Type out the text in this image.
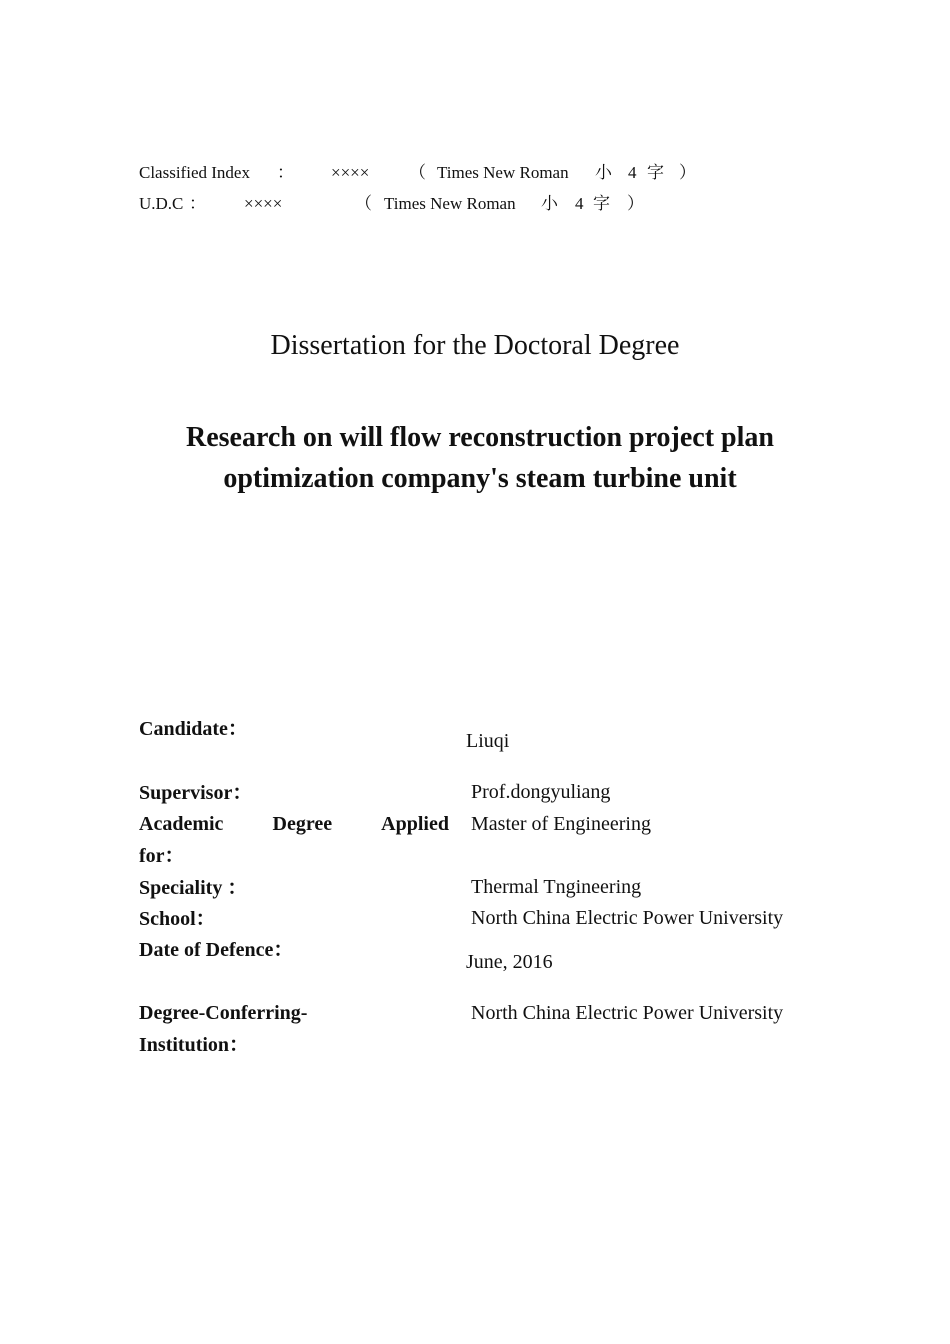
Classified Index ： ×××× （ Times New Roman 小 4 字 ）
U.D.C ： ××××	（ Times New Roman 小 4 字 ）
Dissertation for the Doctoral Degree
Research on will flow reconstruction project plan
optimization company's steam turbine unit
Candidate：
Liuqi
Supervisor：	Prof.dongyuliang
Academic Degree Applied
for：
Master of Engineering
Speciality ：	Thermal Tngineering
School：	North China Electric Power University
Date of Defence：
June, 2016
Degree-Conferring-
Institution：
North China Electric Power University
